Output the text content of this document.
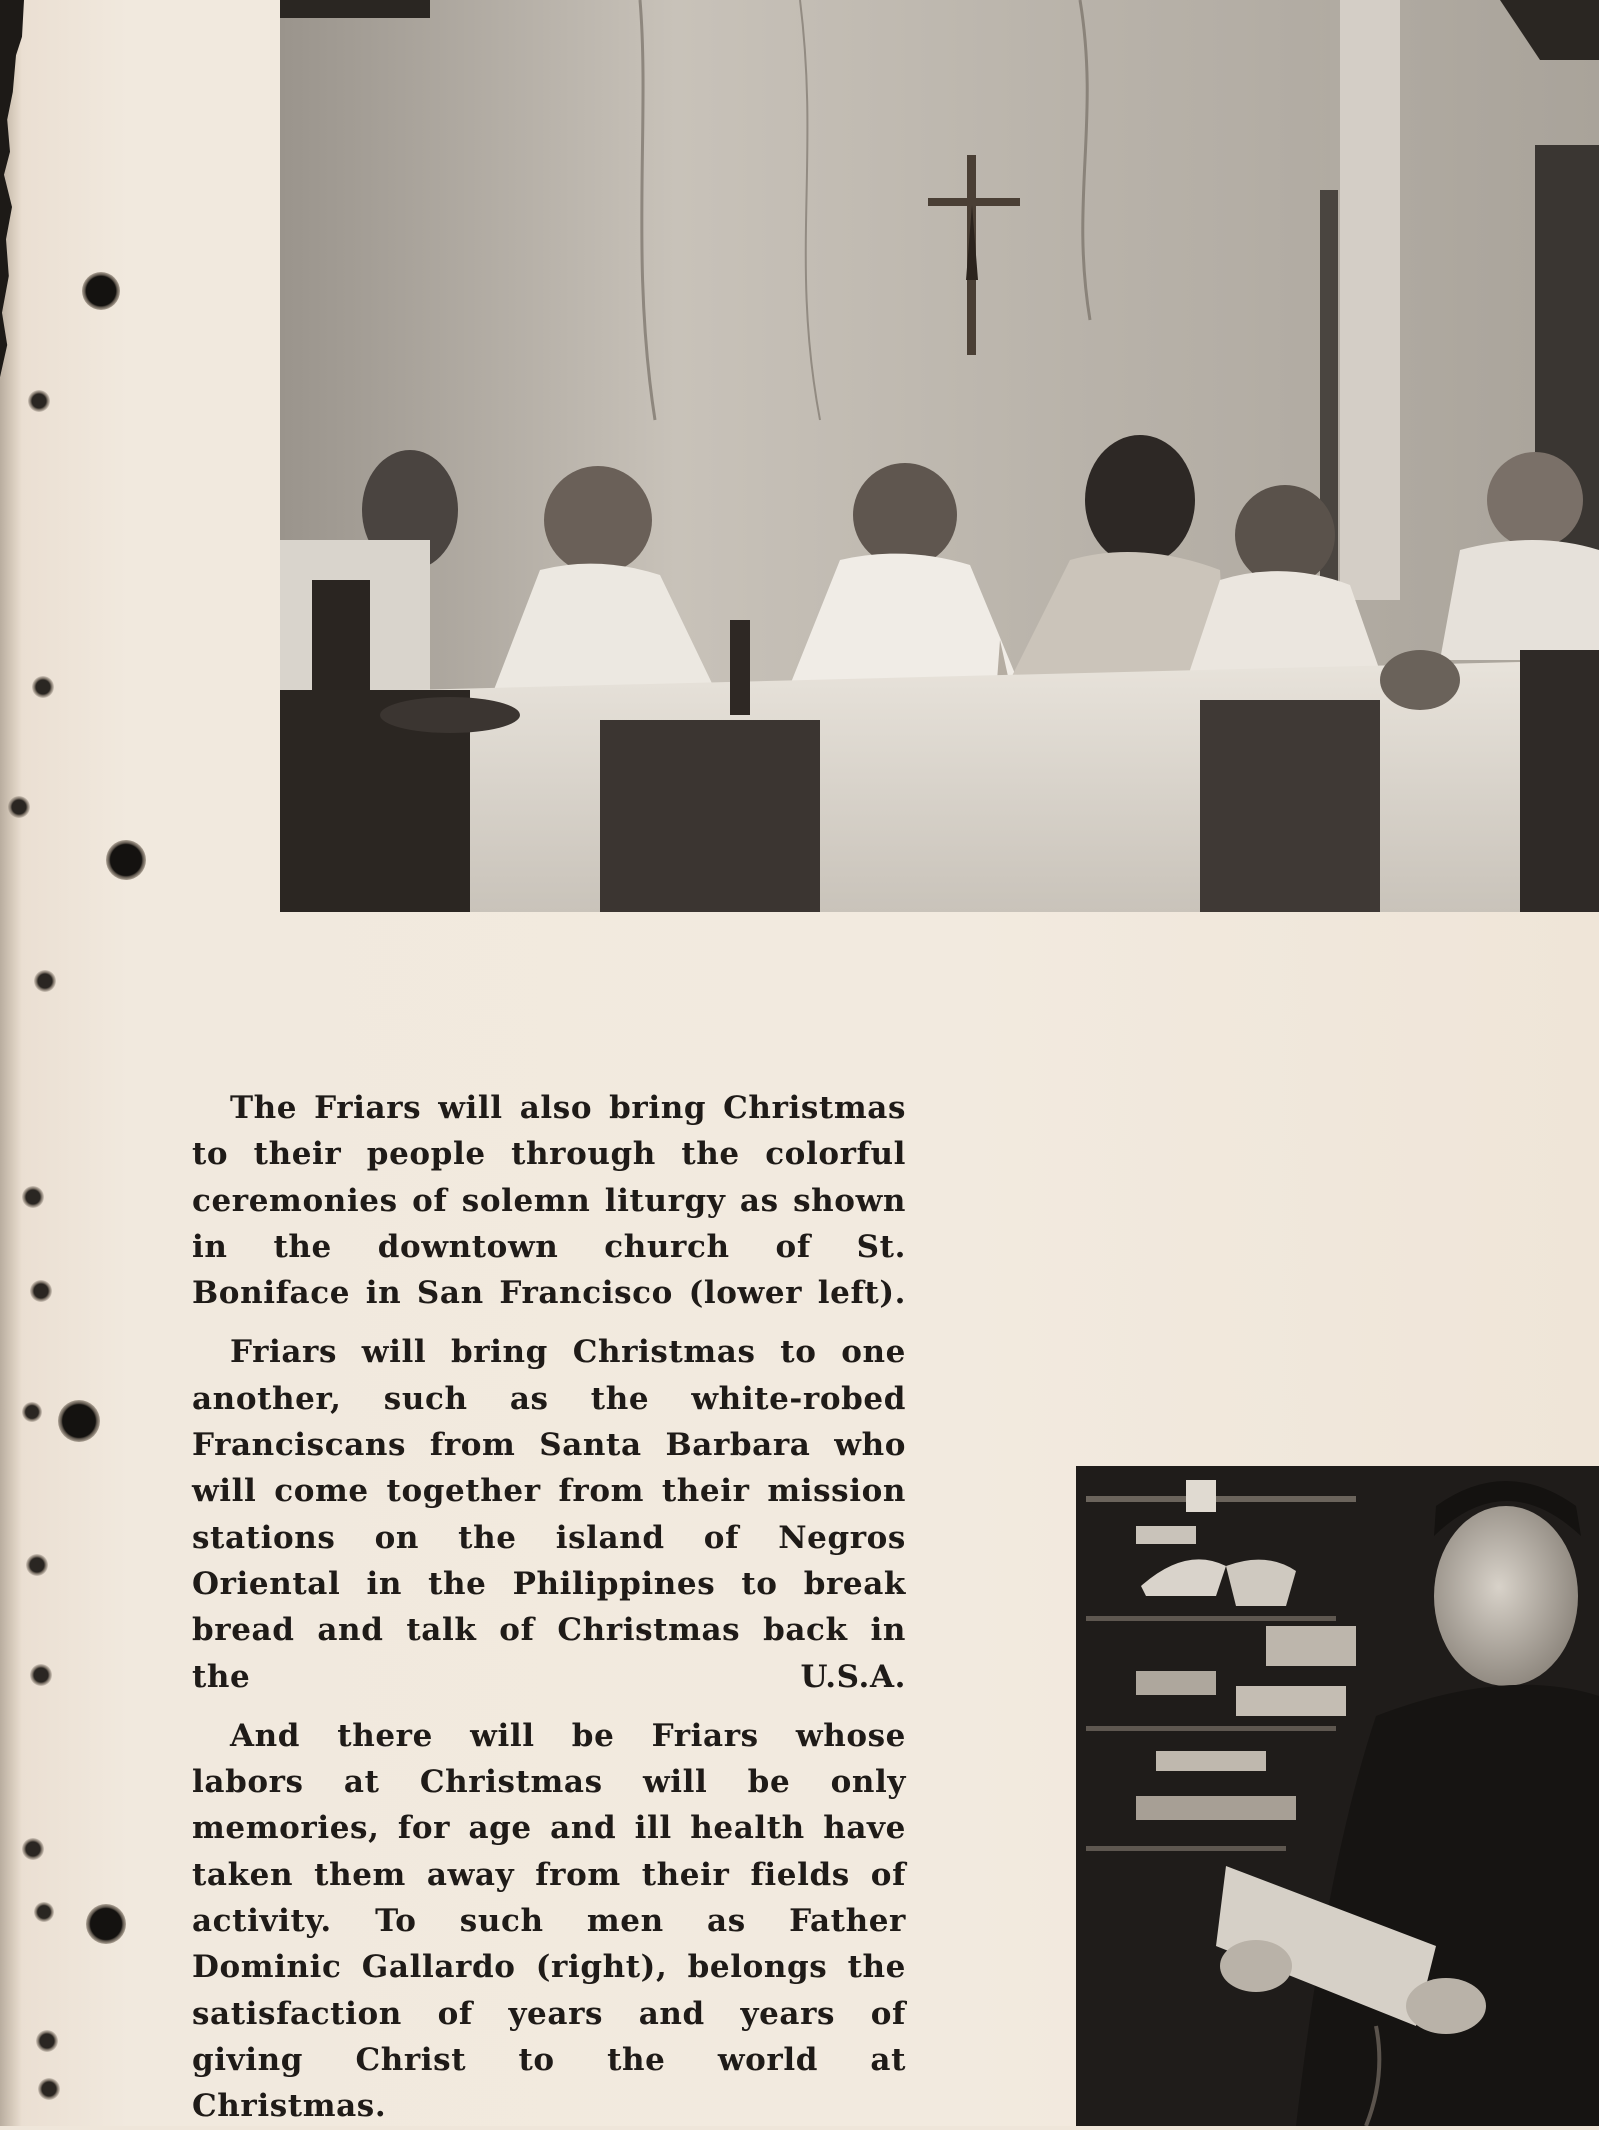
The Friars will also bring Christmas to their people through the colorful ceremonies of solemn liturgy as shown in the downtown church of St. Boniface in San Francisco (lower left).

Friars will bring Christmas to one another, such as the white-robed Franciscans from Santa Barbara who will come together from their mission stations on the island of Negros Oriental in the Philippines to break bread and talk of Christmas back in the U.S.A.

And there will be Friars whose labors at Christmas will be only memories, for age and ill health have taken them away from their fields of activity. To such men as Father Dominic Gallardo (right), belongs the satisfaction of years and years of giving Christ to the world at Christmas.
